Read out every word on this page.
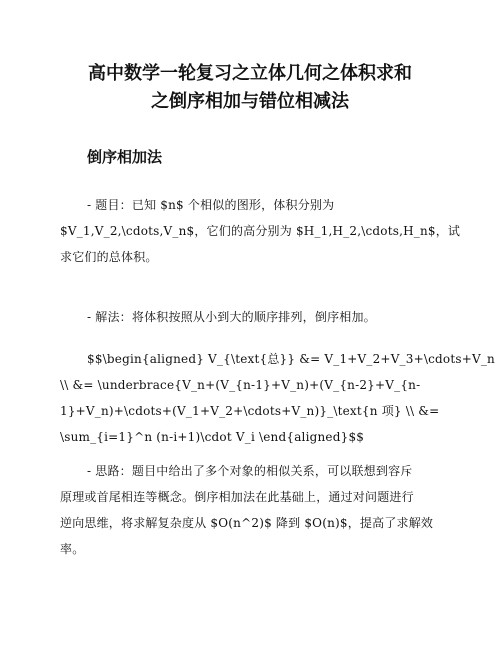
高中数学一轮复习之立体几何之体积求和
之倒序相加与错位相减法
倒序相加法

- 题目：已知 $n$ 个相似的图形，体积分别为
$V_1,V_2,\cdots,V_n$，它们的高分别为 $H_1,H_2,\cdots,H_n$，试
求它们的总体积。

- 解法：将体积按照从小到大的顺序排列，倒序相加。

$$\begin{aligned} V_{\text{总}} &= V_1+V_2+V_3+\cdots+V_n
\\ &= \underbrace{V_n+(V_{n-1}+V_n)+(V_{n-2}+V_{n-
1}+V_n)+\cdots+(V_1+V_2+\cdots+V_n)}_\text{n 项} \\ &=
\sum_{i=1}^n (n-i+1)\cdot V_i \end{aligned}$$

- 思路：题目中给出了多个对象的相似关系，可以联想到容斥
原理或首尾相连等概念。倒序相加法在此基础上，通过对问题进行
逆向思维，将求解复杂度从 $O(n^2)$ 降到 $O(n)$，提高了求解效
率。
